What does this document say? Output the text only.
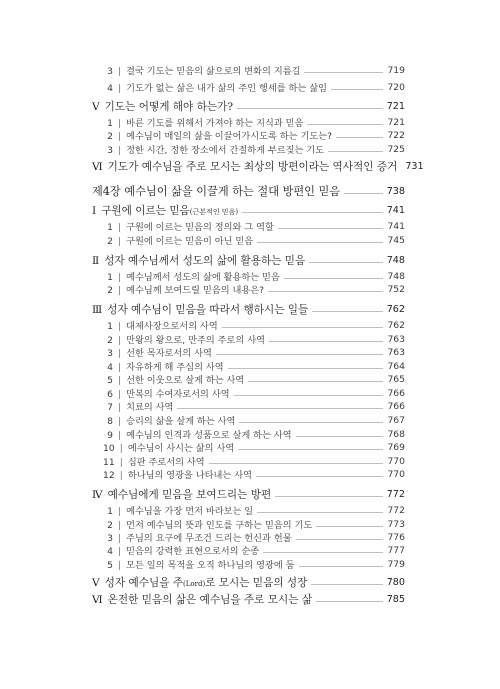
3 | 결국 기도는 믿음의 삶으로의 변화의 지름길	719
4 | 기도가 없는 삶은 내가 삶의 주인 행세를 하는 삶임	720
Ⅴ 기도는 어떻게 해야 하는가?	721
1 | 바른 기도를 위해서 가져야 하는 지식과 믿음	721
2 | 예수님이 매일의 삶을 이끌어가시도록 하는 기도는?	722
3 | 정한 시간, 정한 장소에서 간절하게 부르짖는 기도	725
Ⅵ 기도가 예수님을 주로 모시는 최상의 방편이라는 역사적인 증거 731
제4장 예수님이 삶을 이끌게 하는 절대 방편인 믿음	738
Ⅰ 구원에 이르는 믿음(근본적인 믿음)	741
1 | 구원에 이르는 믿음의 정의와 그 역할	741
2 | 구원에 이르는 믿음이 아닌 믿음	745
Ⅱ 성자 예수님께서 성도의 삶에 활용하는 믿음	748
1 | 예수님께서 성도의 삶에 활용하는 믿음	748
2 | 예수님께 보여드릴 믿음의 내용은?	752
Ⅲ 성자 예수님이 믿음을 따라서 행하시는 일들	762
1 | 대제사장으로서의 사역	762
2 | 만왕의 왕으로, 만주의 주로의 사역	763
3 | 선한 목자로서의 사역	763
4 | 자유하게 해 주심의 사역	764
5 | 선한 이웃으로 살게 하는 사역	765
6 | 만복의 수여자로서의 사역	766
7 | 치료의 사역	766
8 | 승리의 삶을 살게 하는 사역	767
9 | 예수님의 인격과 성품으로 살게 하는 사역	768
10 | 예수님이 사시는 삶의 사역	769
11 | 심판 주로서의 사역	770
12 | 하나님의 영광을 나타내는 사역	770
Ⅳ 예수님에게 믿음을 보여드리는 방편	772
1 | 예수님을 가장 먼저 바라보는 일	772
2 | 먼저 예수님의 뜻과 인도를 구하는 믿음의 기도	773
3 | 주님의 요구에 무조건 드리는 헌신과 헌물	776
4 | 믿음의 강력한 표현으로서의 순종	777
5 | 모든 일의 목적을 오직 하나님의 영광에 둠	779
Ⅴ 성자 예수님을 주(Lord)로 모시는 믿음의 성장	780
Ⅵ 온전한 믿음의 삶은 예수님을 주로 모시는 삶	785
